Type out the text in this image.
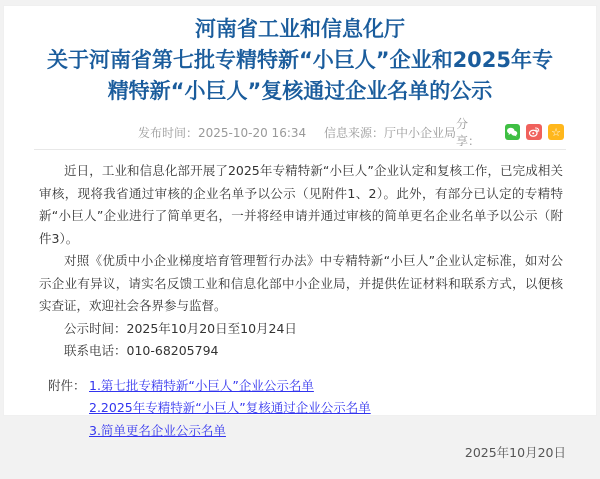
河南省工业和信息化厅
关于河南省第七批专精特新“小巨人”企业和2025年专精特新“小巨人”复核通过企业名单的公示
发布时间：2025-10-20 16:34 信息来源：厅中小企业局
分享：
☆

近日，工业和信息化部开展了2025年专精特新“小巨人”企业认定和复核工作，已完成相关审核，现将我省通过审核的企业名单予以公示（见附件1、2）。此外，有部分已认定的专精特新“小巨人”企业进行了简单更名，一并将经申请并通过审核的简单更名企业名单予以公示（附件3）。

对照《优质中小企业梯度培育管理暂行办法》中专精特新“小巨人”企业认定标准，如对公示企业有异议，请实名反馈工业和信息化部中小企业局，并提供佐证材料和联系方式，以便核实查证，欢迎社会各界参与监督。

公示时间：2025年10月20日至10月24日

联系电话：010-68205794

附件： 1.第七批专精特新“小巨人”企业公示名单
2.2025年专精特新“小巨人”复核通过企业公示名单
3.简单更名企业公示名单
2025年10月20日
